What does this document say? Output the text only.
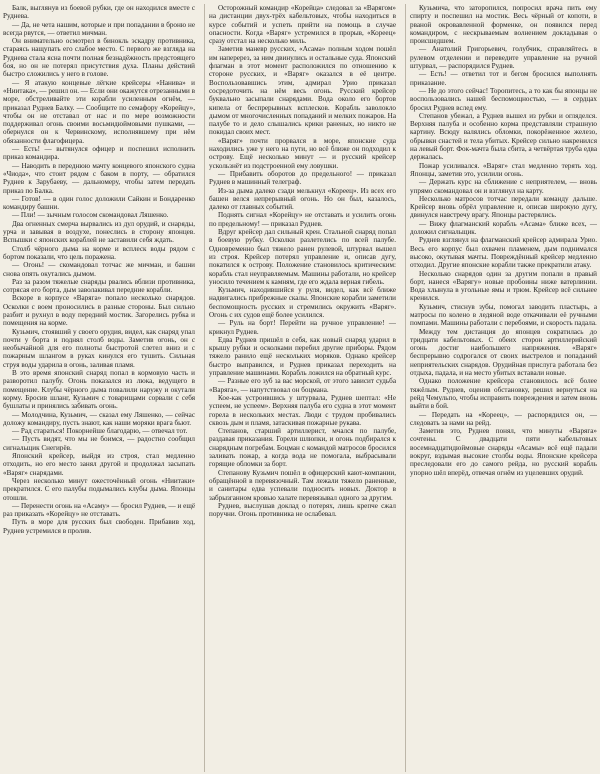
Балк, выглянув из боевой рубки, где он находился вместе с Руднева.

— Да, не чета нашим, которые и при попадании в броню не всегда рвутся, — ответил мичман.

Он внимательно осмотрел в бинокль эскадру противника, стараясь нащупать его слабое место. С первого же взгляда на Руднева стала ясна почти полная безнадёжность предстоящего боя, но он не потерял присутствия духа. Планы действий быстро сложились у него в голове.

— Я атакую концевые лёгкие крейсеры «Нанива» и «Ниитака», — решил он. — Если они окажутся отрезанными в море, обстреливайте эти корабли усиленным огнём, — приказал Руднев Балку. — Сообщите по семафору «Корейцу», чтобы он не отставал от нас и по мере возможности поддерживал огонь своими восьмидюймовыми пушками, — обернулся он к Червинскому, исполнявшему при нём обязанности флагофицера.

— Есть! — вытянулся офицер и поспешил исполнить приказ командира.

— Наводить в переднюю мачту концевого японского судна «Чиода», что стоит рядом с баком в порту, — обратился Руднев к Зарубаеву, — дальномеру, чтобы затем передать приказ по Балка.

— Готов! — в один голос доложили Сайкин и Бондаренко командиру башни.

— Пли! — зычным голосом скомандовал Ляшенко.

Два огненных смерча вырвались из дул орудий, и снаряды, урча и завывая в воздухе, понеслись в сторону японцев. Вспышки с японских кораблей не заставили себя ждать.

Столб чёрного дыма на корме и всплеск воды рядом с бортом показали, что цель поражена.

— Огонь! — скомандовал тотчас же мичман, и башни снова опять окутались дымом.

Раз за разом тяжелые снаряды рвались вблизи противника, сотрясая его борта, дым заволакивал передние корабли.

Вскоре в корпусе «Варяга» попало несколько снарядов. Осколки с воем проносились в разные стороны. Был сильно разбит и рухнул в воду передний мостик. Загорелись рубка и помещения на корме.

Кузьмич, стоявший у своего орудия, видел, как снаряд упал почти у борта и поднял столб воды. Заметив огонь, он с необычайной для его полноты быстротой слетел вниз и с пожарным шлангом в руках кинулся его тушить. Сильная струя воды ударила в огонь, заливая пламя.

В это время японский снаряд попал в кормовую часть и разворотил палубу. Огонь показался из люка, ведущего в помещение. Клубы чёрного дыма повалили наружу и окутали корму. Бросив шланг, Кузьмич с товарищами сорвали с себя бушлаты и принялись забивать огонь.

— Молодчина, Кузьмич, — сказал ему Ляшенко, — сейчас доложу командиру, пусть знают, как наши моряки врага бьют.

— Рад стараться! Покорнейше благодарю, — отвечал тот.

— Пусть видят, что мы не боимся, — радостно сообщил сигнальщик Снегирёв.

Японский крейсер, выйдя из строя, стал медленно отходить, но его место занял другой и продолжал засыпать «Варяг» снарядами.

Через несколько минут ожесточённый огонь «Ниитаки» прекратился. С его палубы подымались клубы дыма. Японцы отошли.

— Перенести огонь на «Асаму» — бросил Руднев, — и ещё раз приказать «Корейцу» не отставать.

Путь в море для русских был свободен. Прибавив ход, Руднев устремился в пролив.

Осторожный командир «Корейца» следовал за «Варягом» на дистанции двух-трёх кабельтовых, чтобы находиться в курсе событий и успеть прийти на помощь в случае опасности. Когда «Варяг» устремился в прорыв, «Кореец» сразу отстал на несколько миль.

Заметив маневр русских, «Асама» полным ходом пошёл им наперерез, за ним двинулись и остальные суда. Японский флагман в этот момент расположился по отношению к стороне русских, и «Варяг» оказался в её центре. Воспользовавшись этим, адмирал Урио приказал сосредоточить на нём весь огонь. Русский крейсер буквально засыпали снарядами. Вода около его бортов кипела от беспрерывных всплесков. Корабль заволокло дымом от многочисленных попаданий и мелких пожаров. На палубе то и дело слышались крики раненых, но никто не покидал своих мест.

«Варяг» почти прорвался в море, японские суда находились уже у него на пути, но всё ближе он подходил к острову. Ещё несколько минут — и русский крейсер ускользнёт из подстроенной ему ловушки.

— Прибавить оборотов до предельного! — приказал Руднев в машинный телеграф.

Из-за дыма далеко сзади мелькнул «Кореец». Из всех его башен велся непрерывный огонь. Но он был, казалось, далеко от главных событий.

Поднять сигнал «Корейцу» не отставать и усилить огонь по предельному! — приказал Руднев.

Вдруг крейсер дал сильный крен. Стальной снаряд попал в боевую рубку. Осколки разлетелись по всей палубе. Одновременно был тяжело ранен рулевой, штурвал вышел из строя. Крейсер потерял управление и, описав дугу, покатился к острову. Положение становилось критическим: корабль стал неуправляемым. Машины работали, но крейсер уносило течением к камням, где его ждала верная гибель.

Кузьмич, находившийся у руля, видел, как всё ближе надвигались прибрежные скалы. Японские корабли заметили беспомощность русских и стремились окружить «Варяг». Огонь с их судов ещё более усилился.

— Руль на борт! Перейти на ручное управление! — крикнул Руднев.

Едва Руднев пришёл в себя, как новый снаряд ударил в крышу рубки и осколками перебил другие приборы. Рядом тяжело ранило ещё нескольких моряков. Однако крейсер быстро выправился, и Руднев приказал переходить на управление машинами. Корабль ложился на обратный курс.

— Разные его зуб за вас морской, от этого зависит судьба «Варяга», — напутствовал он боцмана.

Кое-как устроившись у штурвала, Руднев шептал: «Не успеем, не успеем». Верхняя палуба его судна в этот момент горела в нескольких местах. Люди с трудом пробивались сквозь дым и пламя, затаскивая пожарные рукава.

Степанов, старший артиллерист, мчался по палубе, раздавая приказания. Горели шлюпки, и огонь подбирался к снарядным погребам. Боцман с командой матросов бросился заливать пожар, а когда вода не помогала, выбрасывали горящие обломки за борт.

Степанову Кузьмич пошёл в офицерский кают-компании, обращённой в перевязочный. Там лежали тяжело раненные, и санитары едва успевали подносить новых. Доктор в забрызганном кровью халате перевязывал одного за другим.

Руднев, выслушав доклад о потерях, лишь крепче сжал поручни. Огонь противника не ослабевал.

Кузьмича, что заторопился, попросил врача пить ему спирту и поспешил на мостик. Весь чёрный от копоти, в рваной окровавленной форменке, он появился перед командиром, с нескрываемым волнением докладывая о происшедшем.

— Анатолий Григорьевич, голубчик, справляйтесь в рулевом отделении и переведите управление на ручной штурвал, — распорядился Руднев.

— Есть! — ответил тот и бегом бросился выполнять приказание.

— Не до этого сейчас! Торопитесь, а то как бы японцы не воспользовались нашей беспомощностью, — в сердцах бросил Руднев вслед ему.

Степанов убежал, а Руднев вышел из рубки и огляделся. Верхняя палуба и особенно корма представляли страшную картину. Всюду валялись обломки, покорёженное железо, обрывки снастей и тела убитых. Крейсер сильно накренился на левый борт. Фок-мачта была сбита, а четвёртая труба едва держалась.

Пожар усиливался. «Варяг» стал медленно терять ход. Японцы, заметив это, усилили огонь.

— Держать курс на сближение с неприятелем, — вновь упрямо скомандовал он и взглянул на карту.

Несколько матросов тотчас передали команду дальше. Крейсер вновь обрёл управление и, описав широкую дугу, двинулся навстречу врагу. Японцы растерялись.

— Вижу флагманский корабль «Асама» ближе всех, — доложил сигнальщик.

Руднев взглянул на флагманский крейсер адмирала Урио. Весь его корпус был охвачен пламенем, дым поднимался высоко, окутывая мачты. Повреждённый крейсер медленно отходил. Другие японские корабли также прекратили атаку.

Несколько снарядов один за другим попали в правый борт, нанеся «Варягу» новые пробоины ниже ватерлинии. Вода хлынула в угольные ямы и трюм. Крейсер всё сильнее кренился.

Кузьмич, стиснув зубы, помогал заводить пластырь, а матросы по колено в ледяной воде откачивали её ручными помпами. Машины работали с перебоями, и скорость падала.

Между тем дистанция до японцев сократилась до тридцати кабельтовых. С обеих сторон артиллерийский огонь достиг наибольшего напряжения. «Варяг» беспрерывно содрогался от своих выстрелов и попаданий неприятельских снарядов. Орудийная прислуга работала без отдыха, падала, и на место убитых вставали новые.

Однако положение крейсера становилось всё более тяжёлым. Руднев, оценив обстановку, решил вернуться на рейд Чемульпо, чтобы исправить повреждения и затем вновь выйти в бой.

— Передать на «Кореец», — распорядился он, — следовать за нами на рейд.

Заметив это, Руднев понял, что минуты «Варяга» сочтены. С двадцати пяти кабельтовых восемнадцатидюймовые снаряды «Асамы» всё ещё падали вокруг, вздымая высокие столбы воды. Японские крейсера преследовали его до самого рейда, но русский корабль упорно шёл вперёд, отвечая огнём из уцелевших орудий.
